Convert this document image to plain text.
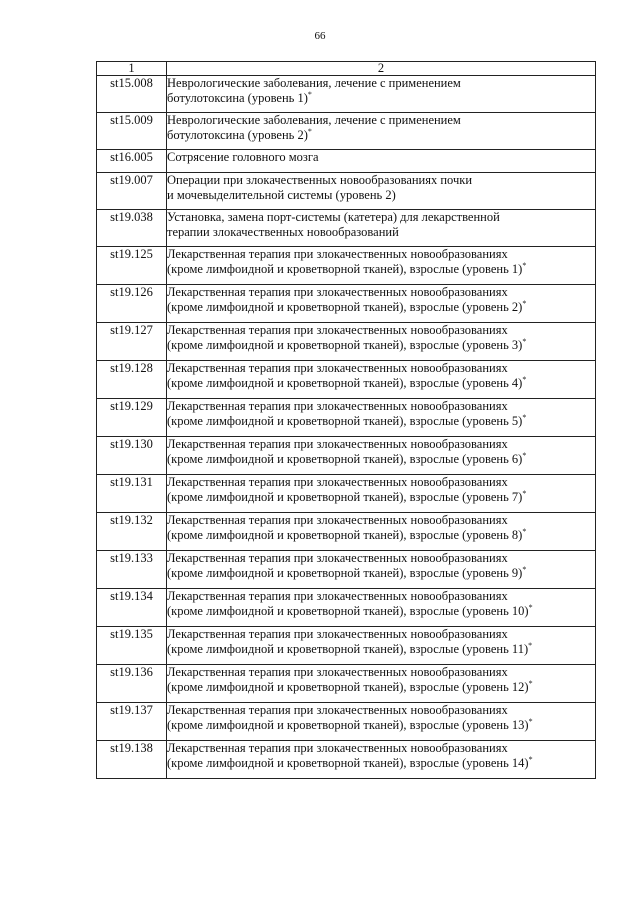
66
1	2
st15.008	Неврологические заболевания, лечение с применением
ботулотоксина (уровень 1)*

st15.009	Неврологические заболевания, лечение с применением
ботулотоксина (уровень 2)*

st16.005	Сотрясение головного мозга

st19.007	Операции при злокачественных новообразованиях почки
и мочевыделительной системы (уровень 2)

st19.038	Установка, замена порт-системы (катетера) для лекарственной
терапии злокачественных новообразований

st19.125	Лекарственная терапия при злокачественных новообразованиях
(кроме лимфоидной и кроветворной тканей), взрослые (уровень 1)*

st19.126	Лекарственная терапия при злокачественных новообразованиях
(кроме лимфоидной и кроветворной тканей), взрослые (уровень 2)*

st19.127	Лекарственная терапия при злокачественных новообразованиях
(кроме лимфоидной и кроветворной тканей), взрослые (уровень 3)*

st19.128	Лекарственная терапия при злокачественных новообразованиях
(кроме лимфоидной и кроветворной тканей), взрослые (уровень 4)*

st19.129	Лекарственная терапия при злокачественных новообразованиях
(кроме лимфоидной и кроветворной тканей), взрослые (уровень 5)*

st19.130	Лекарственная терапия при злокачественных новообразованиях
(кроме лимфоидной и кроветворной тканей), взрослые (уровень 6)*

st19.131	Лекарственная терапия при злокачественных новообразованиях
(кроме лимфоидной и кроветворной тканей), взрослые (уровень 7)*

st19.132	Лекарственная терапия при злокачественных новообразованиях
(кроме лимфоидной и кроветворной тканей), взрослые (уровень 8)*

st19.133	Лекарственная терапия при злокачественных новообразованиях
(кроме лимфоидной и кроветворной тканей), взрослые (уровень 9)*

st19.134	Лекарственная терапия при злокачественных новообразованиях
(кроме лимфоидной и кроветворной тканей), взрослые (уровень 10)*

st19.135	Лекарственная терапия при злокачественных новообразованиях
(кроме лимфоидной и кроветворной тканей), взрослые (уровень 11)*

st19.136	Лекарственная терапия при злокачественных новообразованиях
(кроме лимфоидной и кроветворной тканей), взрослые (уровень 12)*

st19.137	Лекарственная терапия при злокачественных новообразованиях
(кроме лимфоидной и кроветворной тканей), взрослые (уровень 13)*

st19.138	Лекарственная терапия при злокачественных новообразованиях
(кроме лимфоидной и кроветворной тканей), взрослые (уровень 14)*
